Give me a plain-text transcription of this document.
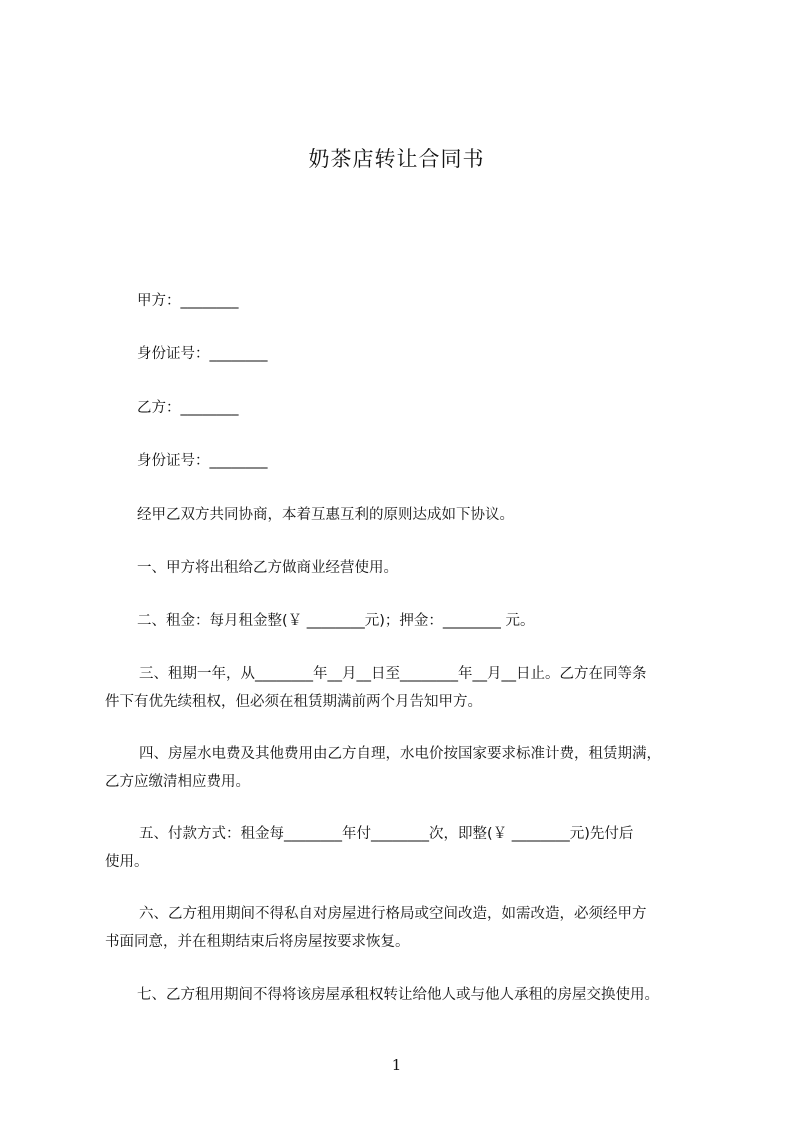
奶茶店转让合同书
甲方：________
身份证号：________
乙方：________
身份证号：________
经甲乙双方共同协商，本着互惠互利的原则达成如下协议。
一、甲方将出租给乙方做商业经营使用。
二、租金：每月租金整(￥ ________元)；押金：________ 元。
三、租期一年，从________年__月__日至________年__月__日止。乙方在同等条
件下有优先续租权，但必须在租赁期满前两个月告知甲方。
四、房屋水电费及其他费用由乙方自理，水电价按国家要求标准计费，租赁期满，
乙方应缴清相应费用。
五、付款方式：租金每________年付________次，即整(￥ ________元)先付后
使用。
六、乙方租用期间不得私自对房屋进行格局或空间改造，如需改造，必须经甲方
书面同意，并在租期结束后将房屋按要求恢复。
七、乙方租用期间不得将该房屋承租权转让给他人或与他人承租的房屋交换使用。
1
